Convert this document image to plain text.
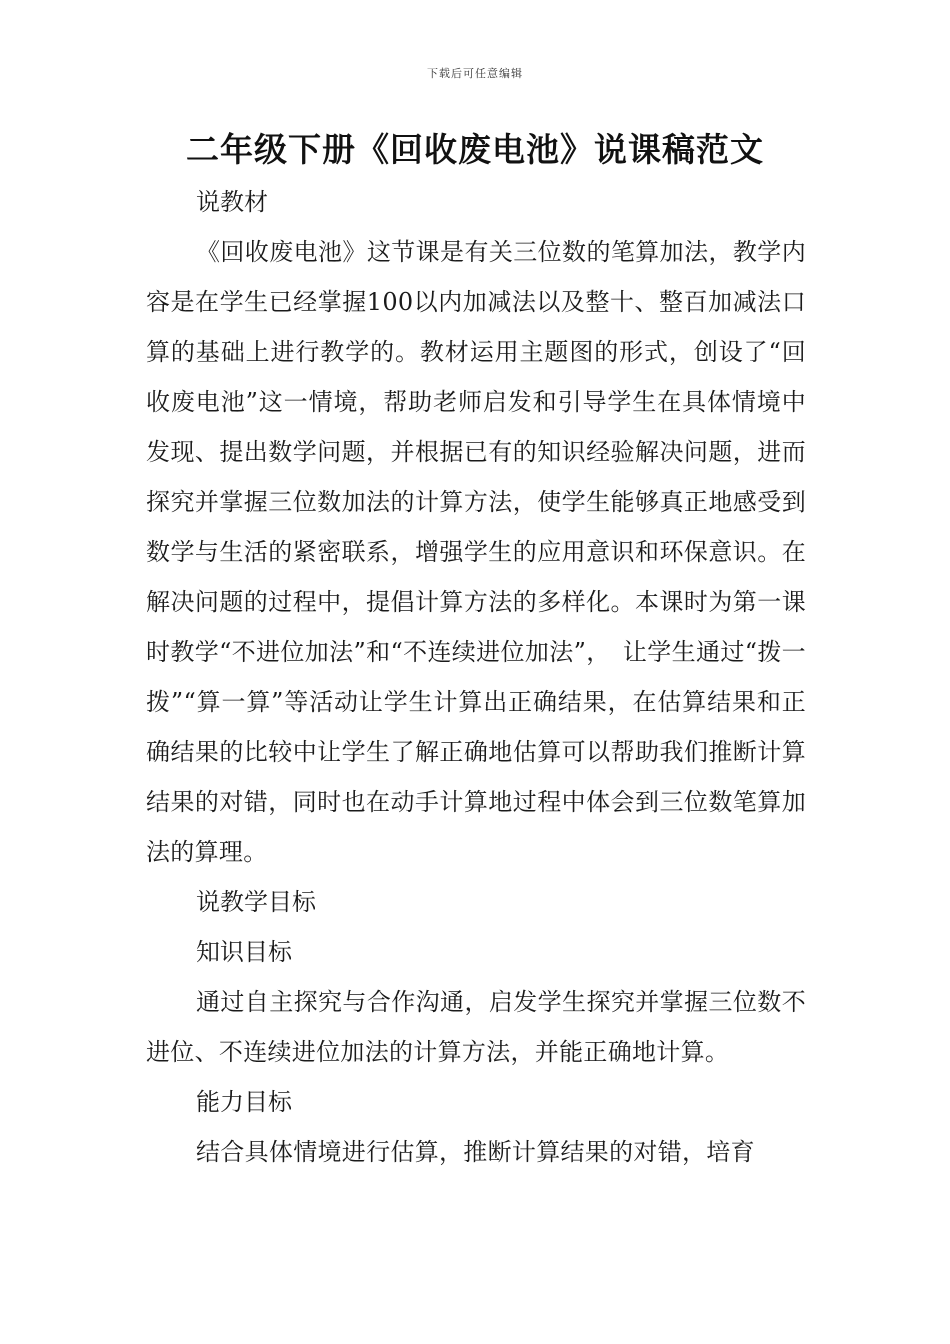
下载后可任意编辑
二年级下册《回收废电池》说课稿范文

说教材

《回收废电池》这节课是有关三位数的笔算加法，教学内容是在学生已经掌握100以内加减法以及整十、整百加减法口算的基础上进行教学的。教材运用主题图的形式，创设了“回收废电池”这一情境，帮助老师启发和引导学生在具体情境中发现、提出数学问题，并根据已有的知识经验解决问题，进而探究并掌握三位数加法的计算方法，使学生能够真正地感受到数学与生活的紧密联系，增强学生的应用意识和环保意识。在解决问题的过程中，提倡计算方法的多样化。本课时为第一课时教学“不进位加法”和“不连续进位加法”，　让学生通过“拨一拨”“算一算”等活动让学生计算出正确结果，在估算结果和正确结果的比较中让学生了解正确地估算可以帮助我们推断计算结果的对错，同时也在动手计算地过程中体会到三位数笔算加法的算理。

说教学目标

知识目标

通过自主探究与合作沟通，启发学生探究并掌握三位数不进位、不连续进位加法的计算方法，并能正确地计算。

能力目标

结合具体情境进行估算，推断计算结果的对错，培育
